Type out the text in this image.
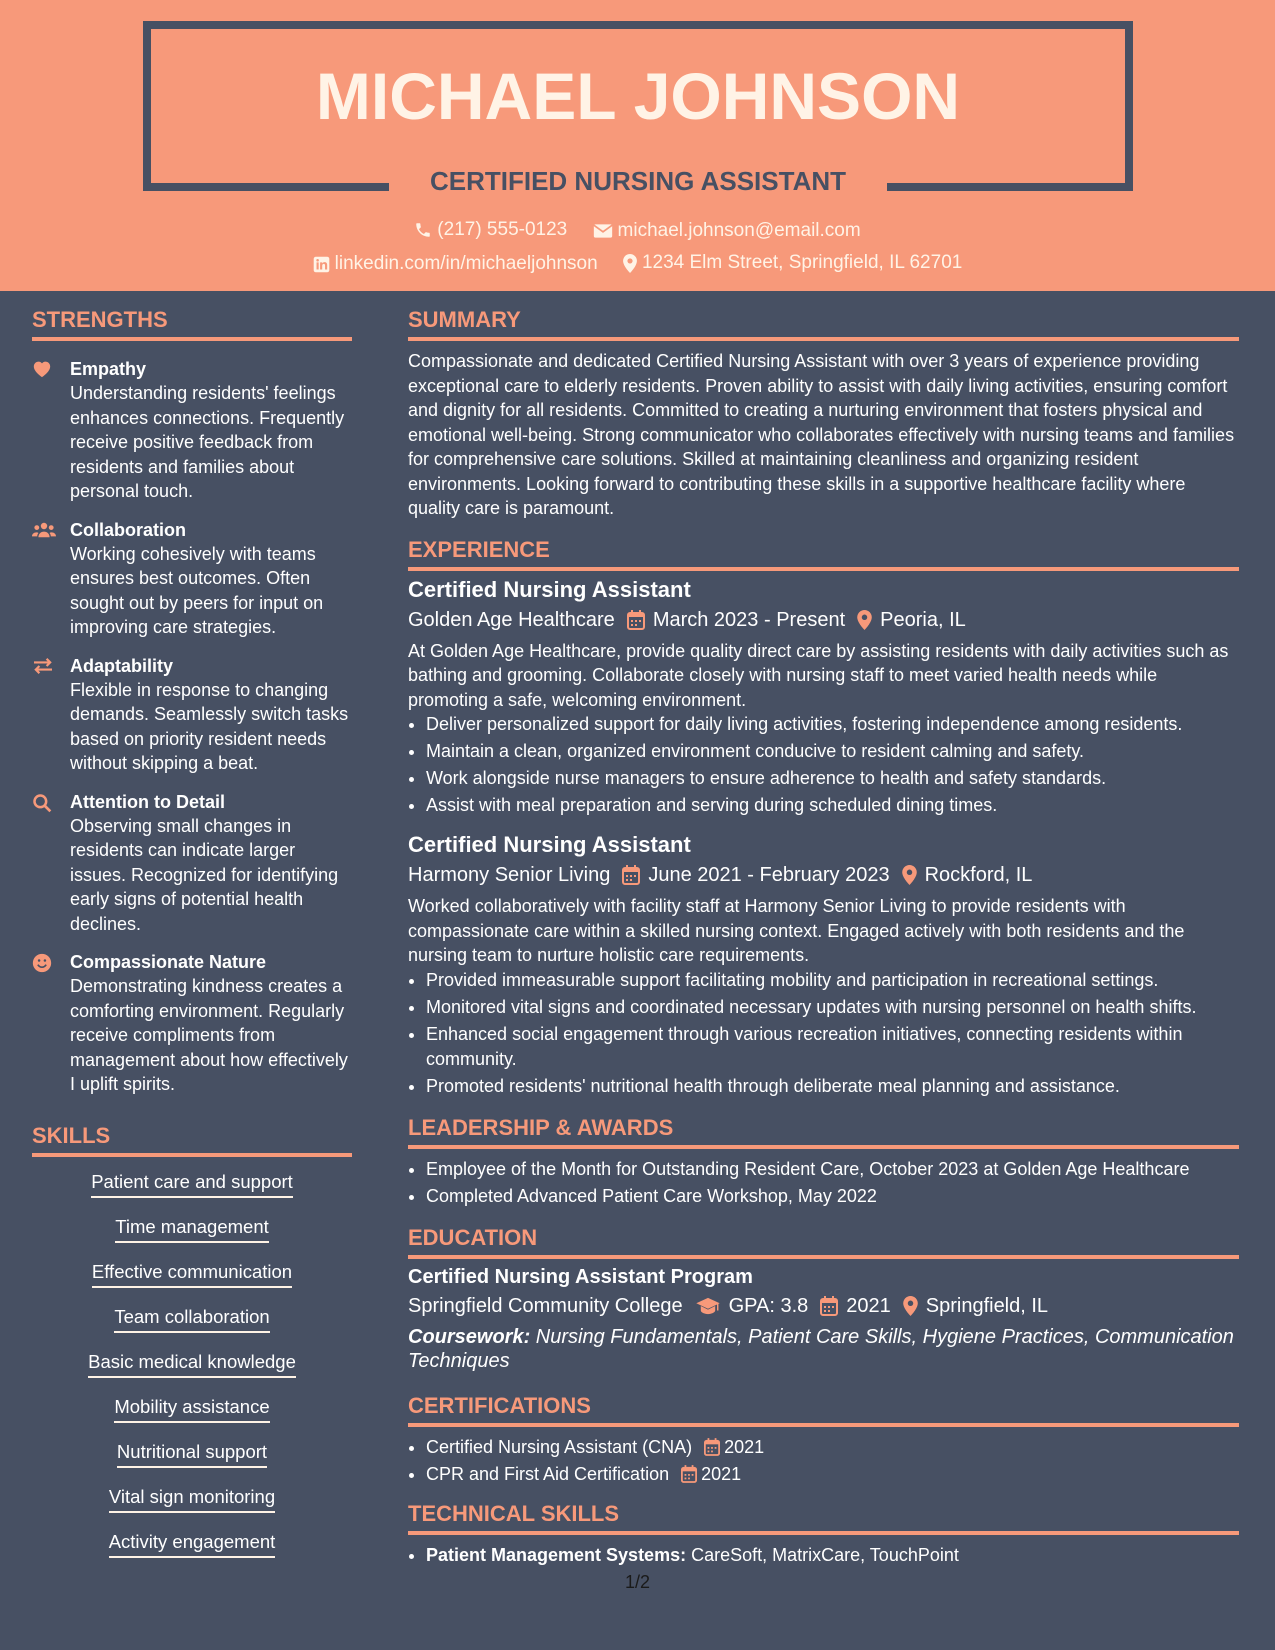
MICHAEL JOHNSON
CERTIFIED NURSING ASSISTANT
(217) 555-0123
	michael.johnson@email.com
linkedin.com/in/michaeljohnson
1234 Elm Street, Springfield, IL 62701
STRENGTHS
Empathy
Understanding residents' feelings enhances connections. Frequently receive positive feedback from residents and families about personal touch.
Collaboration
Working cohesively with teams ensures best outcomes. Often sought out by peers for input on improving care strategies.
Adaptability
Flexible in response to changing demands. Seamlessly switch tasks based on priority resident needs without skipping a beat.
Attention to Detail
Observing small changes in residents can indicate larger issues. Recognized for identifying early signs of potential health declines.
Compassionate Nature
Demonstrating kindness creates a comforting environment. Regularly receive compliments from management about how effectively I uplift spirits.
SKILLS
Patient care and support
Time management
Effective communication
Team collaboration
Basic medical knowledge
Mobility assistance
Nutritional support
Vital sign monitoring
Activity engagement
SUMMARY
Compassionate and dedicated Certified Nursing Assistant with over 3 years of experience providing exceptional care to elderly residents. Proven ability to assist with daily living activities, ensuring comfort and dignity for all residents. Committed to creating a nurturing environment that fosters physical and emotional well-being. Strong communicator who collaborates effectively with nursing teams and families for comprehensive care solutions. Skilled at maintaining cleanliness and organizing resident environments. Looking forward to contributing these skills in a supportive healthcare facility where quality care is paramount.
EXPERIENCE
Certified Nursing Assistant
Golden Age Healthcare March 2023 - Present Peoria, IL
At Golden Age Healthcare, provide quality direct care by assisting residents with daily activities such as bathing and grooming. Collaborate closely with nursing staff to meet varied health needs while promoting a safe, welcoming environment.
• Deliver personalized support for daily living activities, fostering independence among residents.
• Maintain a clean, organized environment conducive to resident calming and safety.
• Work alongside nurse managers to ensure adherence to health and safety standards.
• Assist with meal preparation and serving during scheduled dining times.
Certified Nursing Assistant
Harmony Senior Living June 2021 - February 2023 Rockford, IL
Worked collaboratively with facility staff at Harmony Senior Living to provide residents with compassionate care within a skilled nursing context. Engaged actively with both residents and the nursing team to nurture holistic care requirements.
• Provided immeasurable support facilitating mobility and participation in recreational settings.
• Monitored vital signs and coordinated necessary updates with nursing personnel on health shifts.
• Enhanced social engagement through various recreation initiatives, connecting residents within community.
• Promoted residents' nutritional health through deliberate meal planning and assistance.
LEADERSHIP & AWARDS
• Employee of the Month for Outstanding Resident Care, October 2023 at Golden Age Healthcare
• Completed Advanced Patient Care Workshop, May 2022
EDUCATION
Certified Nursing Assistant Program
Springfield Community College GPA: 3.8 2021 Springfield, IL
Coursework: Nursing Fundamentals, Patient Care Skills, Hygiene Practices, Communication Techniques
CERTIFICATIONS
• Certified Nursing Assistant (CNA) 2021
• CPR and First Aid Certification 2021
TECHNICAL SKILLS
• Patient Management Systems: CareSoft, MatrixCare, TouchPoint
1/2
